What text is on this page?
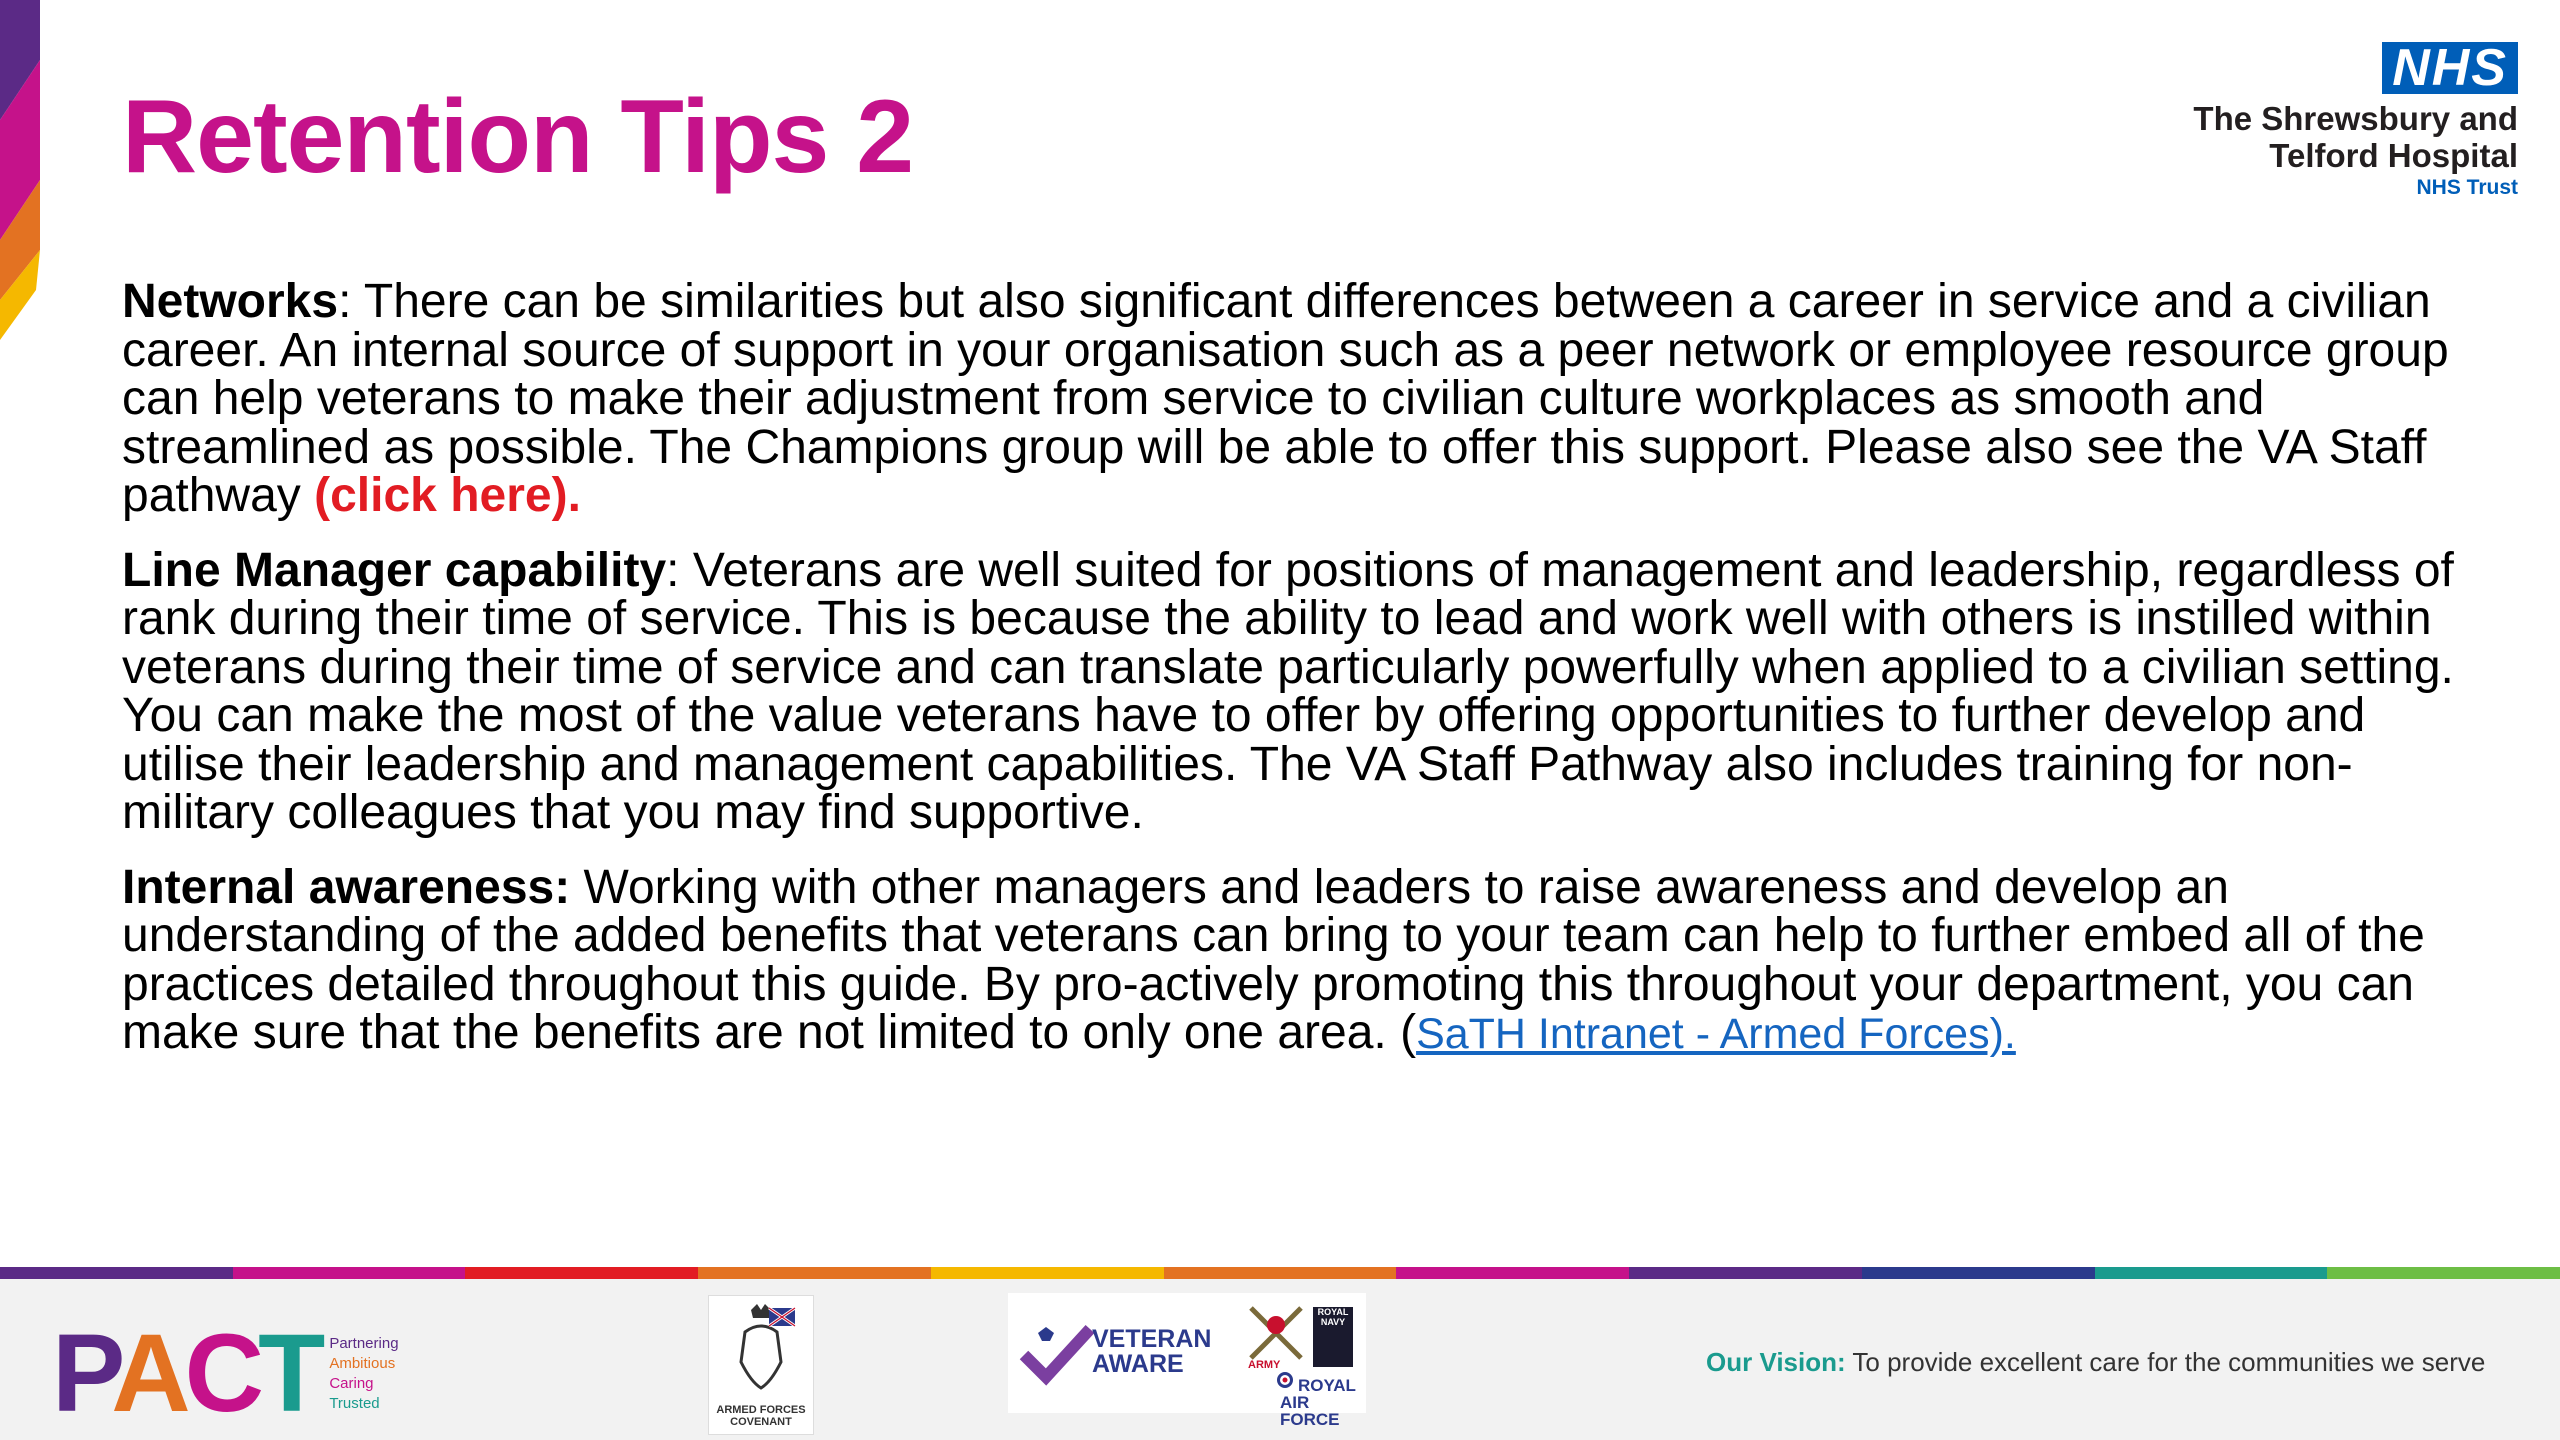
Retention Tips 2
NHS
The Shrewsbury and
Telford Hospital
NHS Trust

Networks: There can be similarities but also significant differences between a career in service and a civilian career. An internal source of support in your organisation such as a peer network or employee resource group can help veterans to make their adjustment from service to civilian culture workplaces as smooth and streamlined as possible. The Champions group will be able to offer this support. Please also see the VA Staff pathway (click here).

Line Manager capability: Veterans are well suited for positions of management and leadership, regardless of rank during their time of service. This is because the ability to lead and work well with others is instilled within veterans during their time of service and can translate particularly powerfully when applied to a civilian setting. You can make the most of the value veterans have to offer by offering opportunities to further develop and utilise their leadership and management capabilities. The VA Staff Pathway also includes training for non-military colleagues that you may find supportive.

Internal awareness: Working with other managers and leaders to raise awareness and develop an understanding of the added benefits that veterans can bring to your team can help to further embed all of the practices detailed throughout this guide. By pro-actively promoting this throughout your department, you can make sure that the benefits are not limited to only one area. (SaTH Intranet - Armed Forces).

PACT Partnering
Ambitious
Caring
Trusted	ARMED FORCES
COVENANT
VETERAN
AWARE	ARMY
ROYAL NAVY
ROYAL
AIR FORCE
Our Vision: To provide excellent care for the communities we serve
